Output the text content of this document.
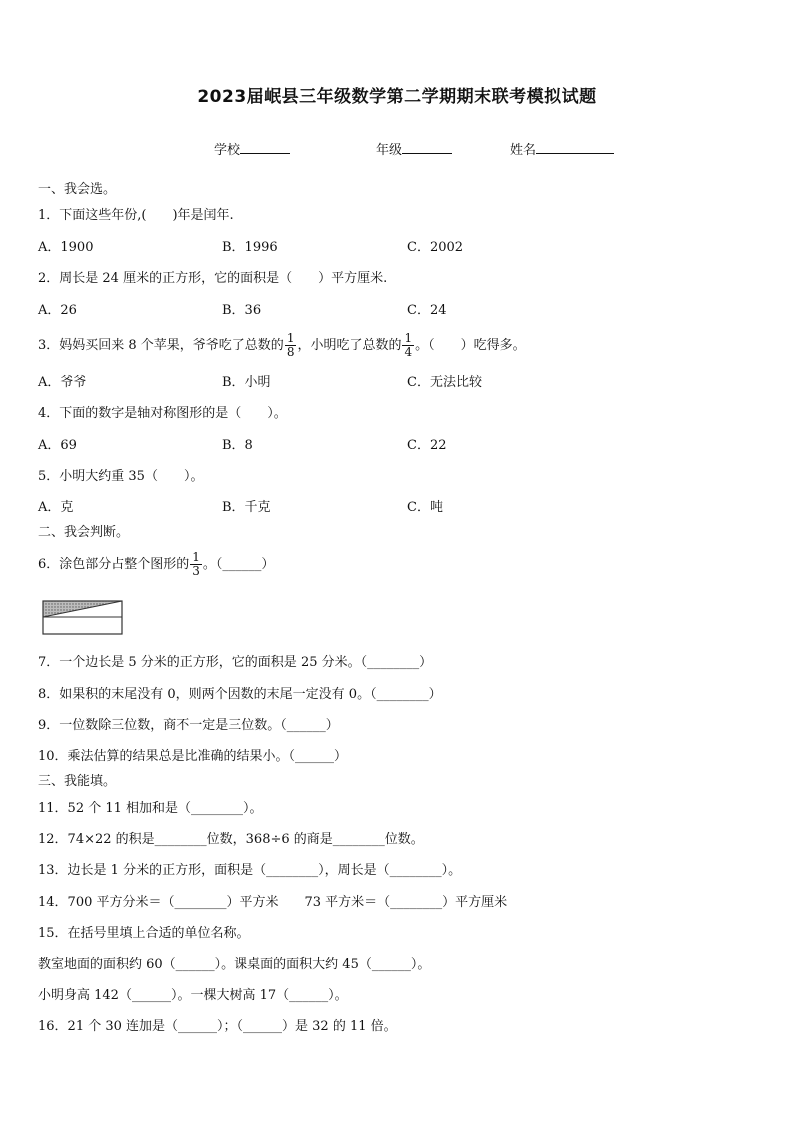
2023届岷县三年级数学第二学期期末联考模拟试题
学校	年级	姓名
一、我会选。
1．下面这些年份,(　　)年是闰年.
A．1900	B．1996	C．2002
2．周长是 24 厘米的正方形，它的面积是（　　）平方厘米.
A．26	B．36	C．24
3．妈妈买回来 8 个苹果，爷爷吃了总数的 $\frac{1}{8}$ ，小明吃了总数的 $\frac{1}{4}$ 。（　　）吃得多。
A．爷爷	B．小明	C．无法比较
4．下面的数字是轴对称图形的是（　　）。
A．69	B．8	C．22
5．小明大约重 35（　　）。
A．克	B．千克	C．吨
二、我会判断。
6．涂色部分占整个图形的 $\frac{1}{3}$ 。（______）
7．一个边长是 5 分米的正方形，它的面积是 25 分米。（________）
8．如果积的末尾没有 0，则两个因数的末尾一定没有 0。（________）
9．一位数除三位数，商不一定是三位数。（______）
10．乘法估算的结果总是比准确的结果小。（______）
三、我能填。
11．52 个 11 相加和是（________）。
12．74×22 的积是________位数，368÷6 的商是________位数。
13．边长是 1 分米的正方形，面积是（________），周长是（________）。
14．700 平方分米＝（________）平方米　　73 平方米＝（________）平方厘米
15．在括号里填上合适的单位名称。
教室地面的面积约 60（______）。课桌面的面积大约 45（______）。
小明身高 142（______）。一棵大树高 17（______）。
16．21 个 30 连加是（______）；（______）是 32 的 11 倍。
